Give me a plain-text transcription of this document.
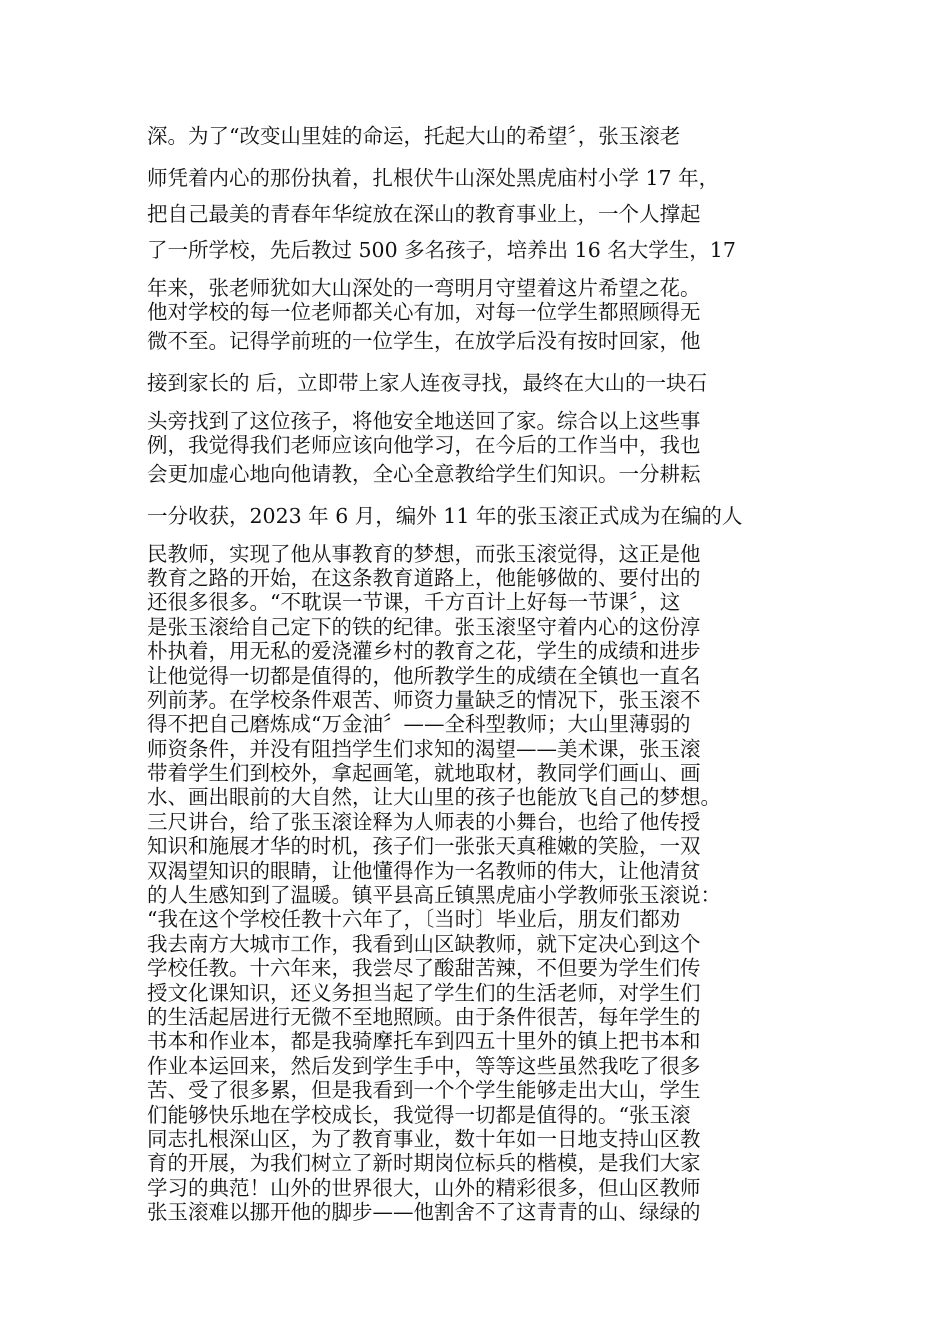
深。为了“改变山里娃的命运，托起大山的希望〞，张玉滚老
师凭着内心的那份执着，扎根伏牛山深处黑虎庙村小学 17 年，
把自己最美的青春年华绽放在深山的教育事业上，一个人撑起
了一所学校，先后教过 500 多名孩子，培养出 16 名大学生，17
年来，张老师犹如大山深处的一弯明月守望着这片希望之花。
他对学校的每一位老师都关心有加，对每一位学生都照顾得无
微不至。记得学前班的一位学生，在放学后没有按时回家，他
接到家长的 后，立即带上家人连夜寻找，最终在大山的一块石
头旁找到了这位孩子，将他安全地送回了家。综合以上这些事
例，我觉得我们老师应该向他学习，在今后的工作当中，我也
会更加虚心地向他请教，全心全意教给学生们知识。一分耕耘
一分收获，2023 年 6 月，编外 11 年的张玉滚正式成为在编的人
民教师，实现了他从事教育的梦想，而张玉滚觉得，这正是他
教育之路的开始，在这条教育道路上，他能够做的、要付出的
还很多很多。“不耽误一节课，千方百计上好每一节课〞，这
是张玉滚给自己定下的铁的纪律。张玉滚坚守着内心的这份淳
朴执着，用无私的爱浇灌乡村的教育之花，学生的成绩和进步
让他觉得一切都是值得的，他所教学生的成绩在全镇也一直名
列前茅。在学校条件艰苦、师资力量缺乏的情况下，张玉滚不
得不把自己磨炼成“万金油〞——全科型教师；大山里薄弱的
师资条件，并没有阻挡学生们求知的渴望——美术课，张玉滚
带着学生们到校外，拿起画笔，就地取材，教同学们画山、画
水、画出眼前的大自然，让大山里的孩子也能放飞自己的梦想。
三尺讲台，给了张玉滚诠释为人师表的小舞台，也给了他传授
知识和施展才华的时机，孩子们一张张天真稚嫩的笑脸，一双
双渴望知识的眼睛，让他懂得作为一名教师的伟大，让他清贫
的人生感知到了温暖。镇平县高丘镇黑虎庙小学教师张玉滚说：
“我在这个学校任教十六年了，〔当时〕毕业后，朋友们都劝
我去南方大城市工作，我看到山区缺教师，就下定决心到这个
学校任教。十六年来，我尝尽了酸甜苦辣，不但要为学生们传
授文化课知识，还义务担当起了学生们的生活老师，对学生们
的生活起居进行无微不至地照顾。由于条件很苦，每年学生的
书本和作业本，都是我骑摩托车到四五十里外的镇上把书本和
作业本运回来，然后发到学生手中，等等这些虽然我吃了很多
苦、受了很多累，但是我看到一个个学生能够走出大山，学生
们能够快乐地在学校成长，我觉得一切都是值得的。“张玉滚
同志扎根深山区，为了教育事业，数十年如一日地支持山区教
育的开展，为我们树立了新时期岗位标兵的楷模，是我们大家
学习的典范！山外的世界很大，山外的精彩很多，但山区教师
张玉滚难以挪开他的脚步——他割舍不了这青青的山、绿绿的
